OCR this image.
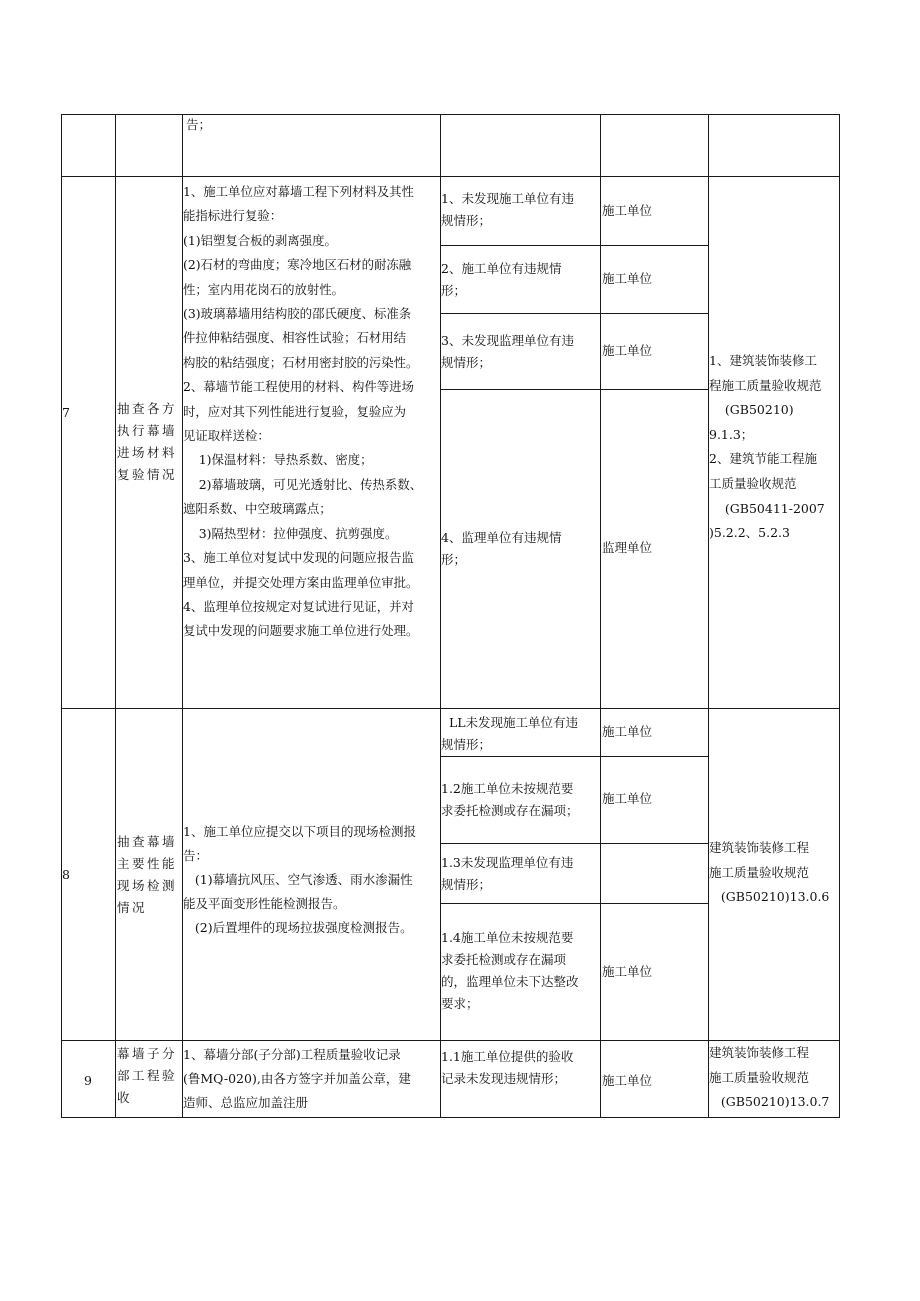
告；
7	抽查各方
执行幕墙
进场材料
复验情况
1、施工单位应对幕墙工程下列材料及其性
能指标进行复验：
(1)铝塑复合板的剥离强度。
(2)石材的弯曲度；寒冷地区石材的耐冻融
性；室内用花岗石的放射性。
(3)玻璃幕墙用结构胶的邵氏硬度、标准条
件拉伸粘结强度、相容性试验；石材用结
构胶的粘结强度；石材用密封胶的污染性。
2、幕墙节能工程使用的材料、构件等进场
时，应对其下列性能进行复验，复验应为
见证取样送检：
1)保温材料：导热系数、密度；
2)幕墙玻璃，可见光透射比、传热系数、
遮阳系数、中空玻璃露点；
3)隔热型材：拉伸强度、抗剪强度。
3、施工单位对复试中发现的问题应报告监
理单位，并提交处理方案由监理单位审批。
4、监理单位按规定对复试进行见证，并对
复试中发现的问题要求施工单位进行处理。
1、未发现施工单位有违
规情形；
2、施工单位有违规情
形；
3、未发现监理单位有违
规情形；
4、监理单位有违规情
形；
施工单位
施工单位
施工单位
监理单位
1、建筑装饰装修工
程施工质量验收规范
(GB50210)
9.1.3；
2、建筑节能工程施
工质量验收规范
(GB50411-2007
)5.2.2、5.2.3
8
抽查幕墙
主要性能
现场检测
情况
1、施工单位应提交以下项目的现场检测报
告：
(1)幕墙抗风压、空气渗透、雨水渗漏性
能及平面变形性能检测报告。
(2)后置埋件的现场拉拔强度检测报告。
LL未发现施工单位有违
规情形；
1.2施工单位未按规范要
求委托检测或存在漏项；
1.3未发现监理单位有违
规情形；
1.4施工单位未按规范要
求委托检测或存在漏项
的，监理单位未下达整改
要求；
施工单位
施工单位
施工单位
建筑装饰装修工程
施工质量验收规范
(GB50210)13.0.6
9
幕墙子分
部工程验
收
1、幕墙分部(子分部)工程质量验收记录
(鲁MQ-020),由各方签字并加盖公章，建
造师、总监应加盖注册
1.1施工单位提供的验收
记录未发现违规情形；	施工单位
建筑装饰装修工程
施工质量验收规范
(GB50210)13.0.7
